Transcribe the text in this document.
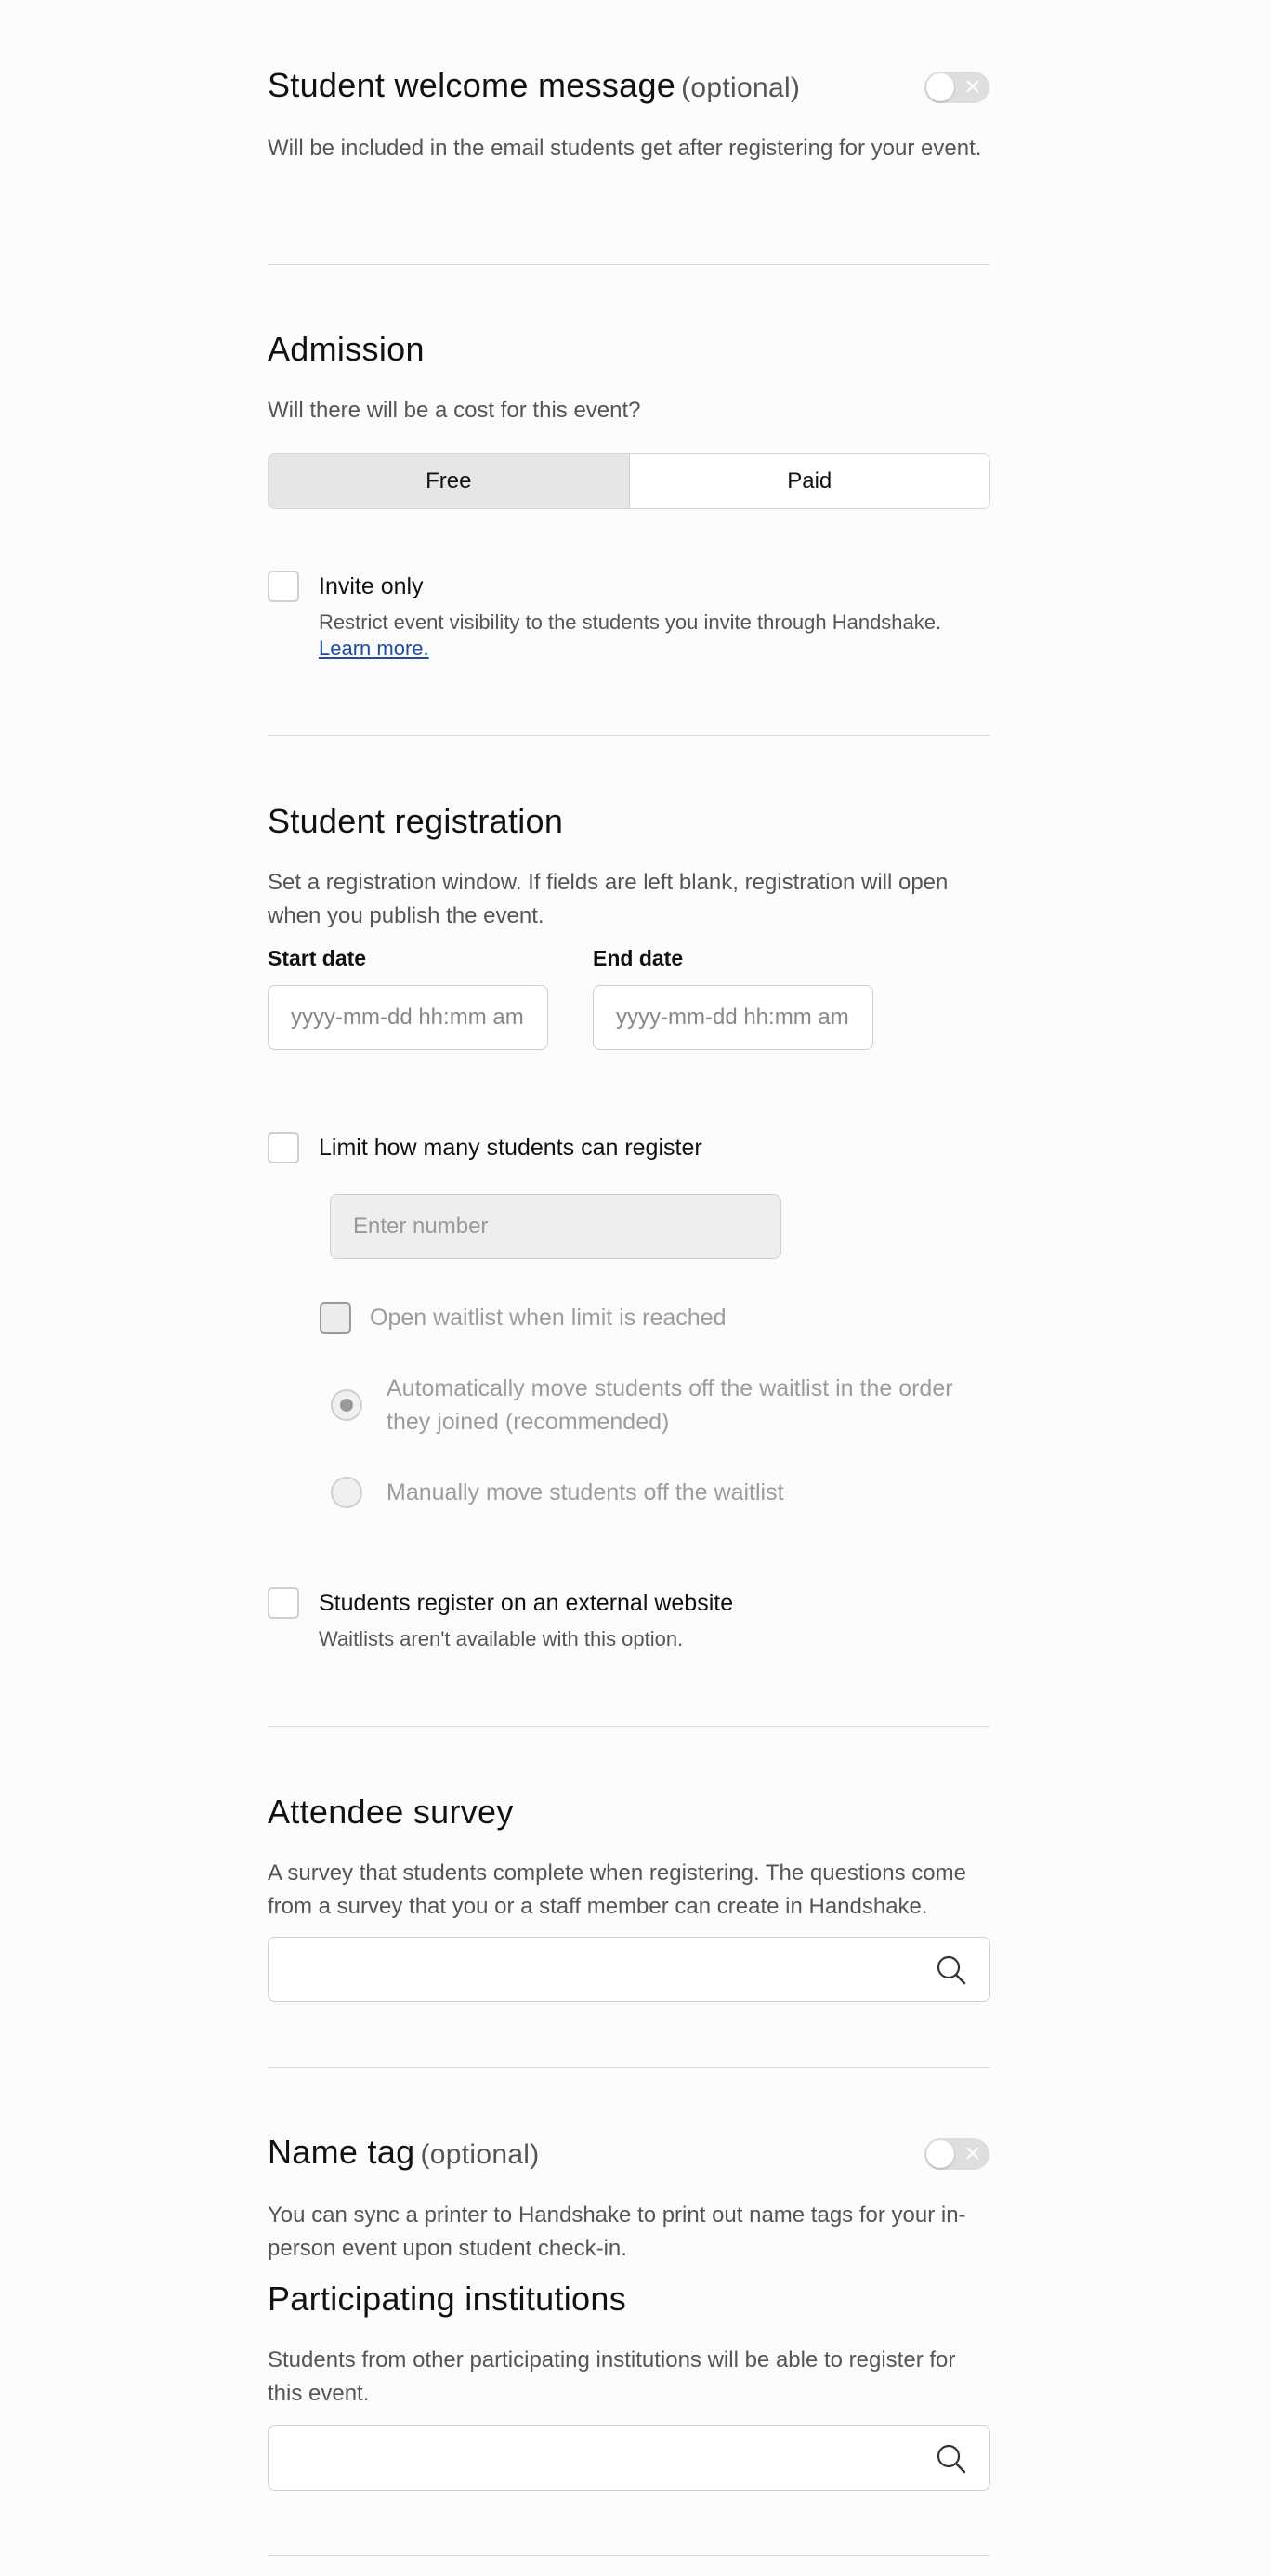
Student welcome message (optional)	✕
Will be included in the email students get after registering for your event.
Admission
Will there will be a cost for this event?
Free	Paid
Invite only
Restrict event visibility to the students you invite through Handshake.
Learn more.
Student registration
Set a registration window. If fields are left blank, registration will open when you publish the event.
Start date	End date
yyyy-mm-dd hh:mm am	yyyy-mm-dd hh:mm am
Limit how many students can register
Enter number
Open waitlist when limit is reached
Automatically move students off the waitlist in the order they joined (recommended)
Manually move students off the waitlist
Students register on an external website
Waitlists aren't available with this option.
Attendee survey
A survey that students complete when registering. The questions come from a survey that you or a staff member can create in Handshake.
Name tag (optional)	✕
You can sync a printer to Handshake to print out name tags for your in-person event upon student check-in.
Participating institutions
Students from other participating institutions will be able to register for this event.
